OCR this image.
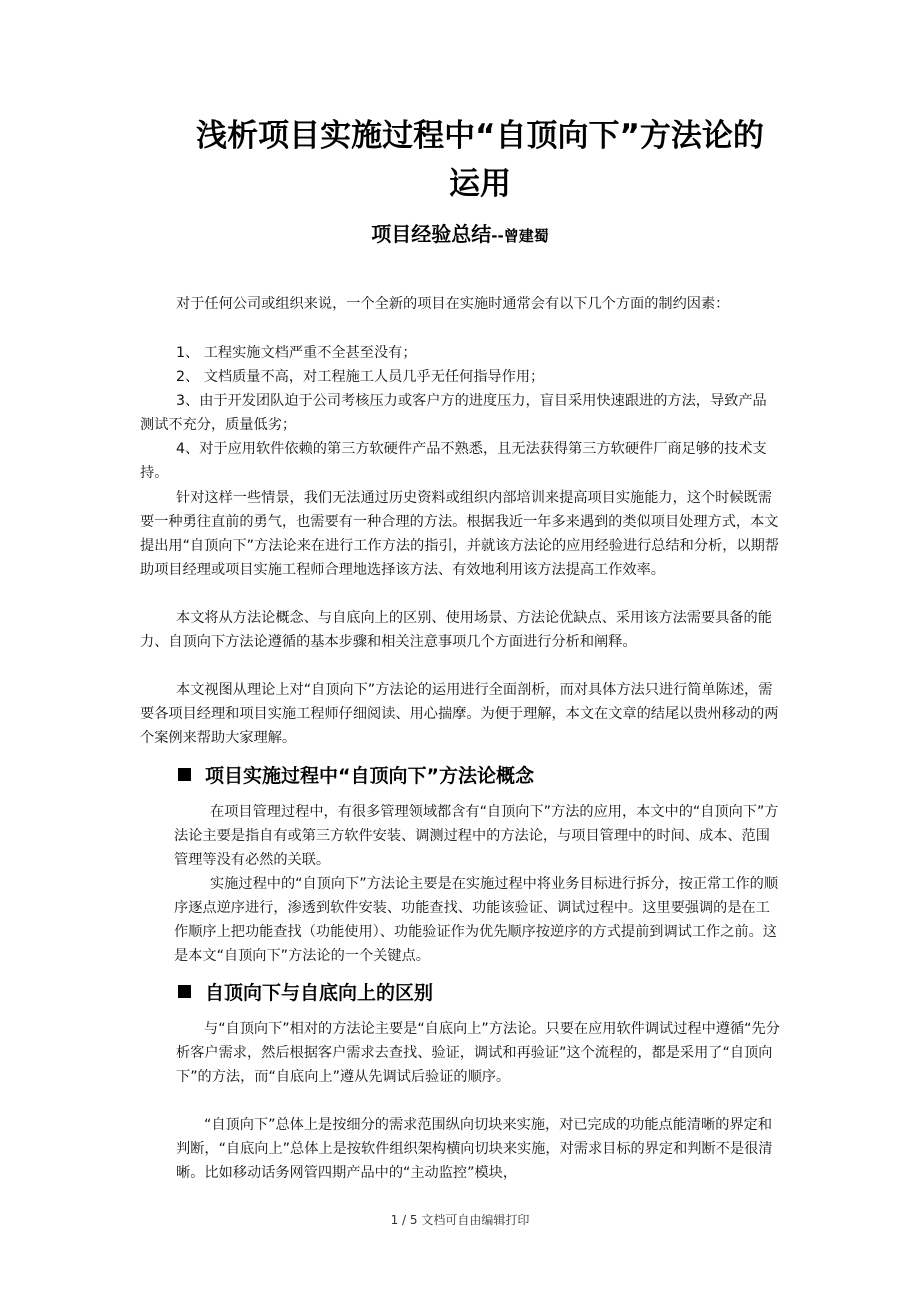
浅析项目实施过程中“自顶向下”方法论的
运用
项目经验总结--曾建蜀

对于任何公司或组织来说，一个全新的项目在实施时通常会有以下几个方面的制约因素：

1、 工程实施文档严重不全甚至没有；

2、 文档质量不高，对工程施工人员几乎无任何指导作用；

3、由于开发团队迫于公司考核压力或客户方的进度压力，盲目采用快速跟进的方法，导致产品测试不充分，质量低劣；

4、对于应用软件依赖的第三方软硬件产品不熟悉，且无法获得第三方软硬件厂商足够的技术支持。

针对这样一些情景，我们无法通过历史资料或组织内部培训来提高项目实施能力，这个时候既需要一种勇往直前的勇气，也需要有一种合理的方法。根据我近一年多来遇到的类似项目处理方式，本文提出用“自顶向下”方法论来在进行工作方法的指引，并就该方法论的应用经验进行总结和分析，以期帮助项目经理或项目实施工程师合理地选择该方法、有效地利用该方法提高工作效率。

本文将从方法论概念、与自底向上的区别、使用场景、方法论优缺点、采用该方法需要具备的能力、自顶向下方法论遵循的基本步骤和相关注意事项几个方面进行分析和阐释。

本文视图从理论上对“自顶向下”方法论的运用进行全面剖析，而对具体方法只进行简单陈述，需要各项目经理和项目实施工程师仔细阅读、用心揣摩。为便于理解，本文在文章的结尾以贵州移动的两个案例来帮助大家理解。

项目实施过程中“自顶向下”方法论概念

在项目管理过程中，有很多管理领域都含有“自顶向下”方法的应用，本文中的“自顶向下”方法论主要是指自有或第三方软件安装、调测过程中的方法论，与项目管理中的时间、成本、范围管理等没有必然的关联。

实施过程中的“自顶向下”方法论主要是在实施过程中将业务目标进行拆分，按正常工作的顺序逐点逆序进行，渗透到软件安装、功能查找、功能该验证、调试过程中。这里要强调的是在工作顺序上把功能查找（功能使用）、功能验证作为优先顺序按逆序的方式提前到调试工作之前。这是本文“自顶向下”方法论的一个关键点。

自顶向下与自底向上的区别

与“自顶向下”相对的方法论主要是“自底向上”方法论。只要在应用软件调试过程中遵循“先分析客户需求，然后根据客户需求去查找、验证，调试和再验证”这个流程的，都是采用了“自顶向下”的方法，而“自底向上”遵从先调试后验证的顺序。

“自顶向下”总体上是按细分的需求范围纵向切块来实施，对已完成的功能点能清晰的界定和判断，“自底向上”总体上是按软件组织架构横向切块来实施，对需求目标的界定和判断不是很清晰。比如移动话务网管四期产品中的“主动监控”模块，

1 / 5 文档可自由编辑打印
